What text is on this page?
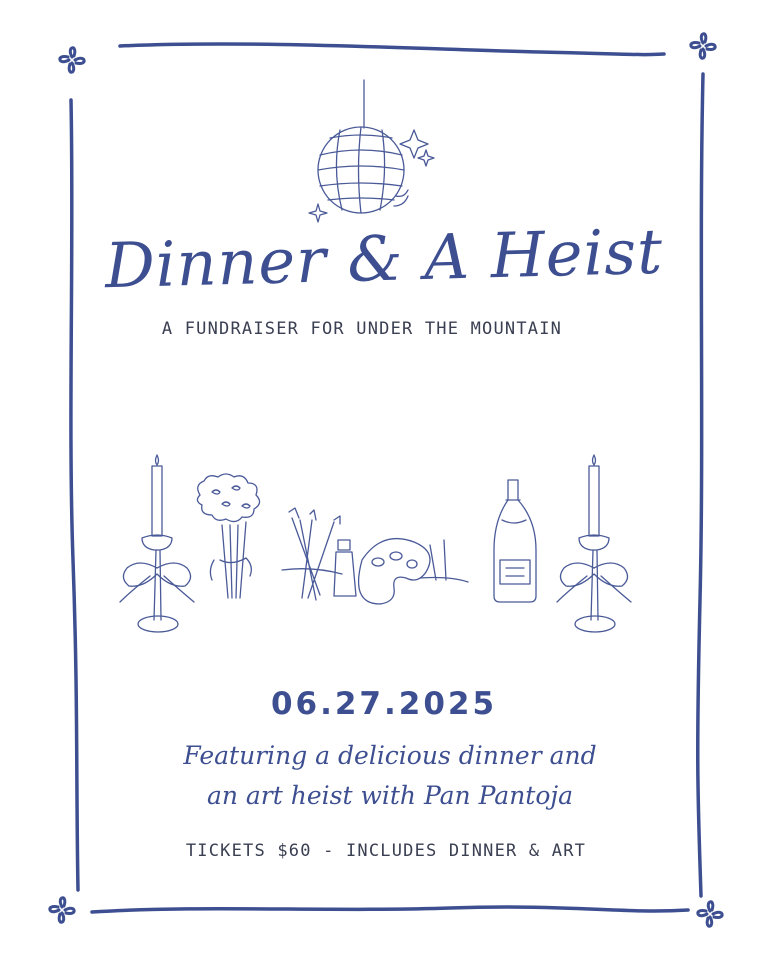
Dinner & A Heist
A FUNDRAISER FOR UNDER THE MOUNTAIN
06.27.2025
Featuring a delicious dinner and
an art heist with Pan Pantoja
TICKETS $60 - INCLUDES DINNER & ART
